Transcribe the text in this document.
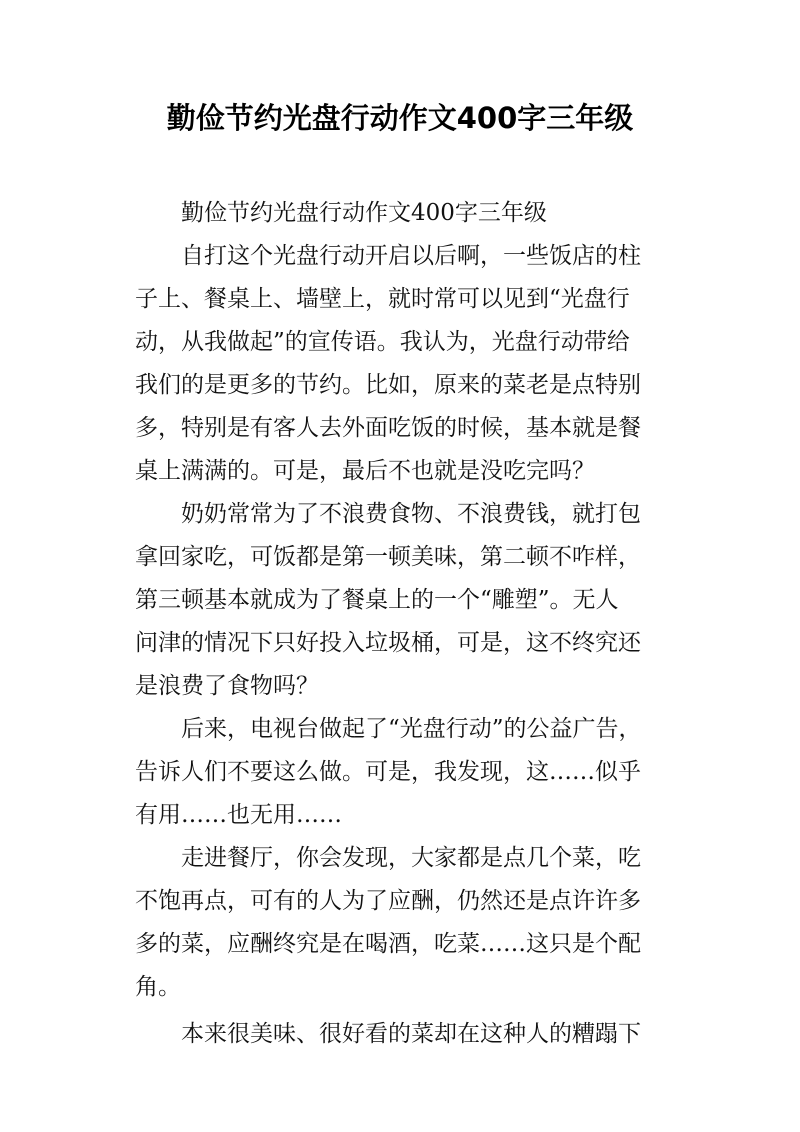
勤俭节约光盘行动作文400字三年级
勤俭节约光盘行动作文400字三年级
自打这个光盘行动开启以后啊，一些饭店的柱
子上、餐桌上、墙壁上，就时常可以见到“光盘行
动，从我做起”的宣传语。我认为，光盘行动带给
我们的是更多的节约。比如，原来的菜老是点特别
多，特别是有客人去外面吃饭的时候，基本就是餐
桌上满满的。可是，最后不也就是没吃完吗？
奶奶常常为了不浪费食物、不浪费钱，就打包
拿回家吃，可饭都是第一顿美味，第二顿不咋样，
第三顿基本就成为了餐桌上的一个“雕塑”。无人
问津的情况下只好投入垃圾桶，可是，这不终究还
是浪费了食物吗？
后来，电视台做起了“光盘行动”的公益广告，
告诉人们不要这么做。可是，我发现，这……似乎
有用……也无用……
走进餐厅，你会发现，大家都是点几个菜，吃
不饱再点，可有的人为了应酬，仍然还是点许许多
多的菜，应酬终究是在喝酒，吃菜……这只是个配
角。
本来很美味、很好看的菜却在这种人的糟蹋下
